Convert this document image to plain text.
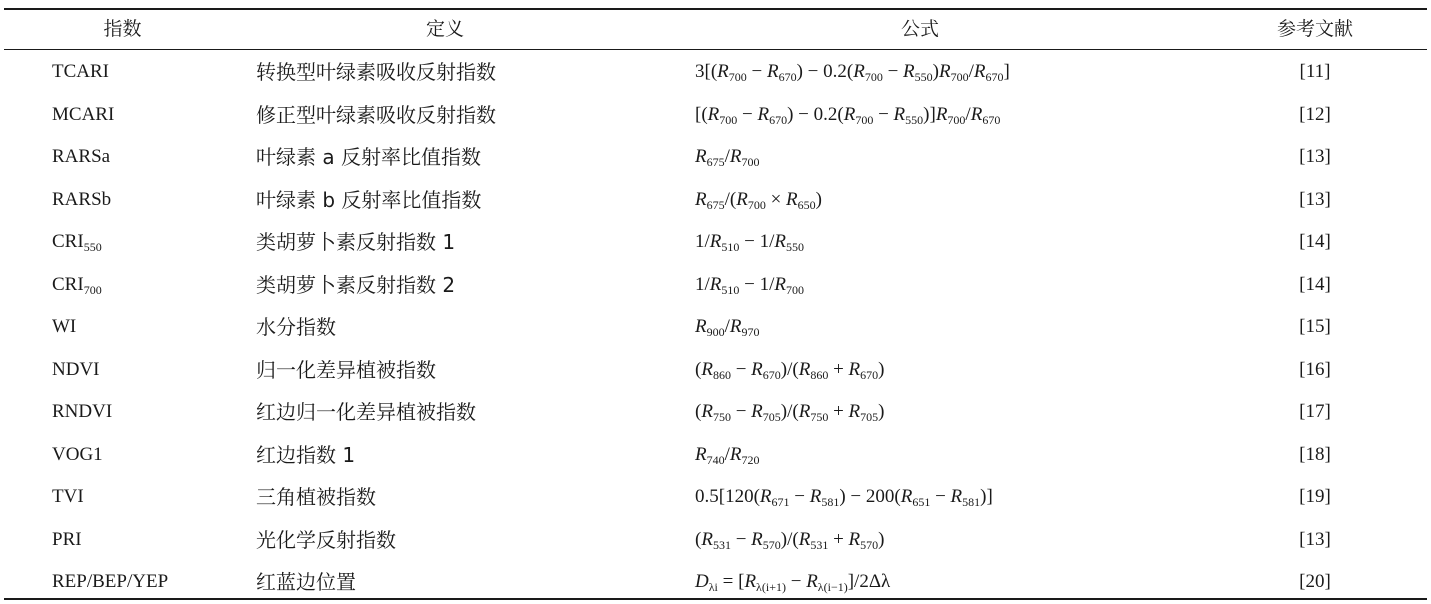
指数	定义	公式	参考文献
TCARI	转换型叶绿素吸收反射指数	$3[(R_{700} - R_{670}) - 0.2(R_{700} - R_{550})R_{700}/R_{670}]$	[11]
MCARI	修正型叶绿素吸收反射指数	$[(R_{700} - R_{670}) - 0.2(R_{700} - R_{550})]R_{700}/R_{670}$	[12]
RARSa	叶绿素 a 反射率比值指数	$R_{675}/R_{700}$	[13]
RARSb	叶绿素 b 反射率比值指数	$R_{675}/(R_{700} \times R_{650})$	[13]
$CRI_{550}$	类胡萝卜素反射指数 1	$1/R_{510} - 1/R_{550}$	[14]
$CRI_{700}$	类胡萝卜素反射指数 2	$1/R_{510} - 1/R_{700}$	[14]
WI	水分指数	$R_{900}/R_{970}$	[15]
NDVI	归一化差异植被指数	$(R_{860} - R_{670})/(R_{860} + R_{670})$	[16]
RNDVI	红边归一化差异植被指数	$(R_{750} - R_{705})/(R_{750} + R_{705})$	[17]
VOG1	红边指数 1	$R_{740}/R_{720}$	[18]
TVI	三角植被指数	$0.5[120(R_{671} - R_{581}) - 200(R_{651} - R_{581})]$	[19]
PRI	光化学反射指数	$(R_{531} - R_{570})/(R_{531} + R_{570})$	[13]
REP/BEP/YEP	红蓝边位置	$D_{\lambda i} = [R_{\lambda(i+1)} - R_{\lambda(i-1)}]/2\Delta\lambda$	[20]
